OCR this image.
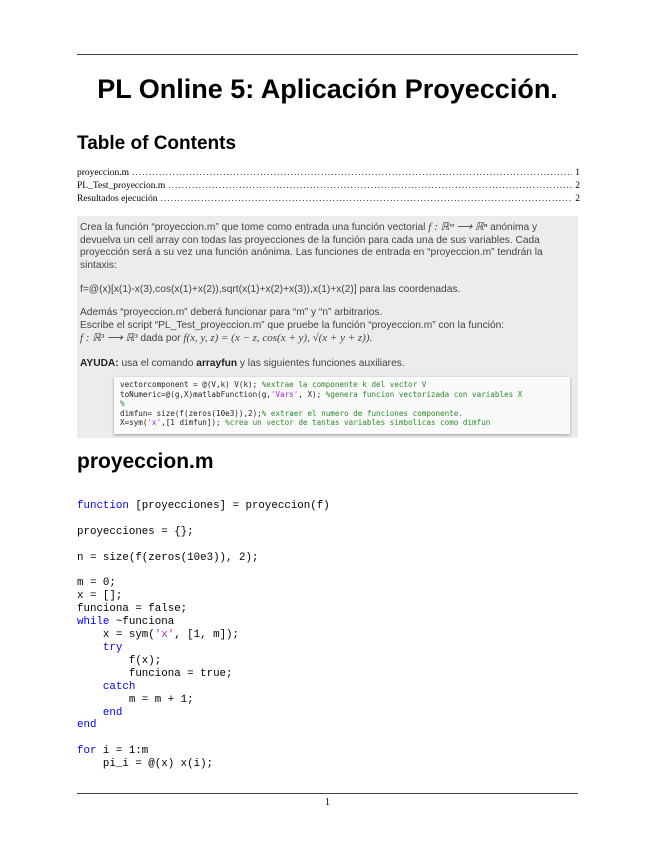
PL Online 5: Aplicación Proyección.
Table of Contents
proyeccion.m .....	1
PL_Test_proyeccion.m .....	2
Resultados ejecución .....	2

Crea la función “proyeccion.m” que tome como entrada una función vectorial f : ℝᵐ ⟶ ℝⁿ anónima y devuelva un cell array con todas las proyecciones de la función para cada una de sus variables. Cada proyección será a su vez una función anónima. Las funciones de entrada en “proyeccion.m” tendrán la sintaxis:

f=@(x)[x(1)-x(3),cos(x(1)+x(2)),sqrt(x(1)+x(2)+x(3)),x(1)+x(2)] para las coordenadas.

Además “proyeccion.m” deberá funcionar para “m” y “n” arbitrarios.
Escribe el script “PL_Test_proyeccion.m” que pruebe la función “proyeccion.m” con la función:
f : ℝ³ ⟶ ℝ³ dada por f(x, y, z) = (x − z, cos(x + y), √(x + y + z)).

AYUDA: usa el comando arrayfun y las siguientes funciones auxiliares.

vectorcomponent = @(V,k) V(k); %extrae la componente k del vector V
toNumeric=@(g,X)matlabFunction(g,'Vars', X); %genera funcion vectorizada con variables X
%
dimfun= size(f(zeros(10e3)),2);% extraer el numero de funciones componente.
X=sym('x',[1 dimfun]); %crea un vector de tantas variables simbolicas como dimfun
proyeccion.m
function [proyecciones] = proyeccion(f)

proyecciones = {};

n = size(f(zeros(10e3)), 2);

m = 0;
x = [];
funciona = false;
while ~funciona
x = sym('x', [1, m]);
try
f(x);
funciona = true;
catch
m = m + 1;
end
end

for i = 1:m
pi_i = @(x) x(i);
1
